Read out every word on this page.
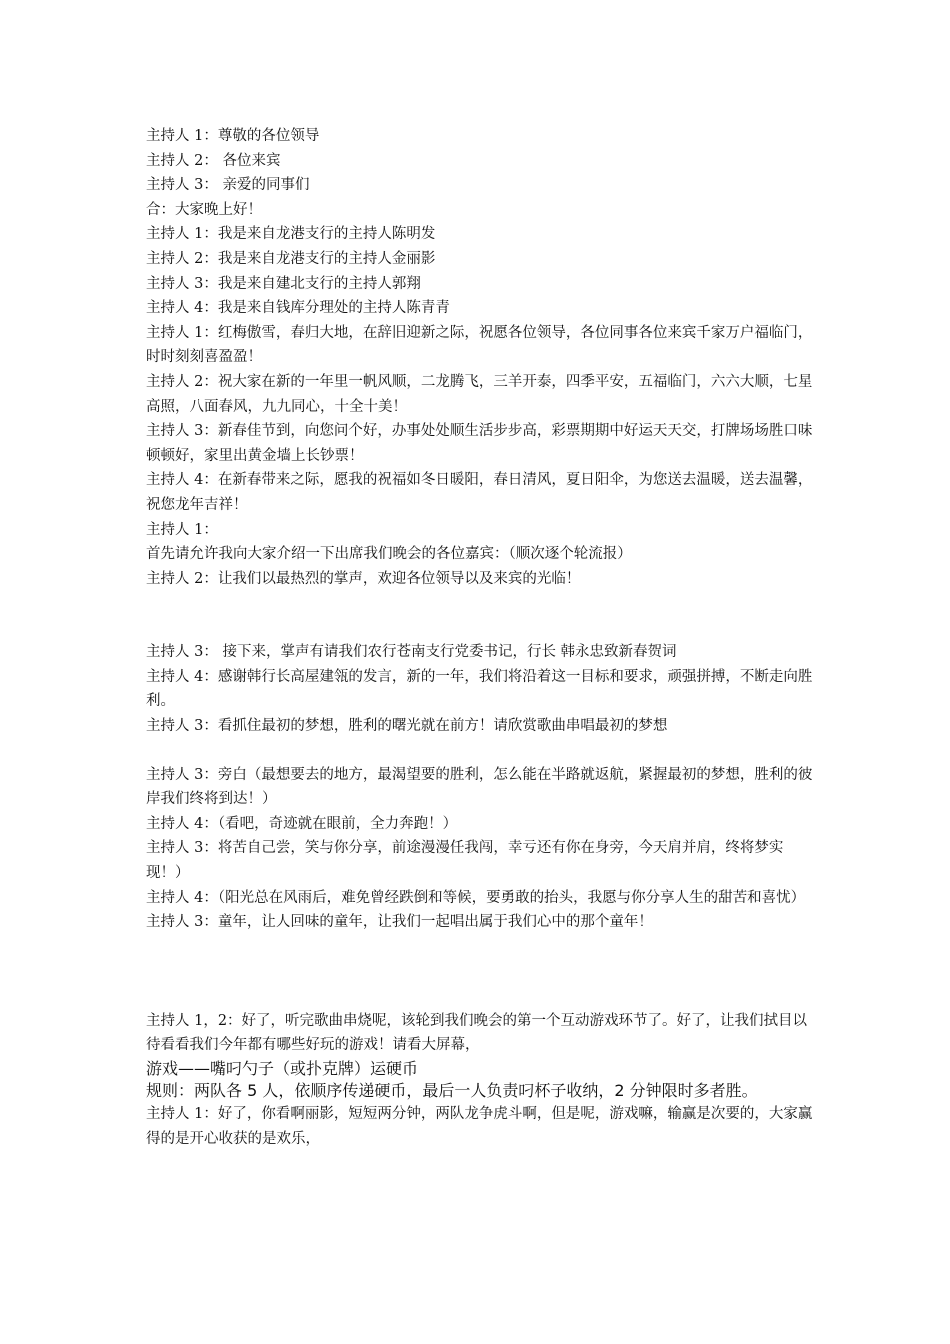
主持人 1：尊敬的各位领导

主持人 2： 各位来宾

主持人 3： 亲爱的同事们

合：大家晚上好！

主持人 1：我是来自龙港支行的主持人陈明发

主持人 2：我是来自龙港支行的主持人金丽影

主持人 3：我是来自建北支行的主持人郭翔

主持人 4：我是来自钱库分理处的主持人陈青青

主持人 1：红梅傲雪，春归大地，在辞旧迎新之际，祝愿各位领导，各位同事各位来宾千家万户福临门，时时刻刻喜盈盈！

主持人 2：祝大家在新的一年里一帆风顺，二龙腾飞，三羊开泰，四季平安，五福临门，六六大顺，七星高照，八面春风，九九同心，十全十美！

主持人 3：新春佳节到，向您问个好，办事处处顺生活步步高，彩票期期中好运天天交，打牌场场胜口味顿顿好，家里出黄金墙上长钞票！

主持人 4：在新春带来之际，愿我的祝福如冬日暖阳，春日清风，夏日阳伞，为您送去温暖，送去温馨，祝您龙年吉祥！

主持人 1：

首先请允许我向大家介绍一下出席我们晚会的各位嘉宾：（顺次逐个轮流报）

主持人 2：让我们以最热烈的掌声，欢迎各位领导以及来宾的光临！

主持人 3： 接下来，掌声有请我们农行苍南支行党委书记，行长 韩永忠致新春贺词

主持人 4：感谢韩行长高屋建瓴的发言，新的一年，我们将沿着这一目标和要求，顽强拼搏，不断走向胜利。

主持人 3：看抓住最初的梦想，胜利的曙光就在前方！请欣赏歌曲串唱最初的梦想

主持人 3：旁白（最想要去的地方，最渴望要的胜利，怎么能在半路就返航，紧握最初的梦想，胜利的彼岸我们终将到达！）

主持人 4：（看吧，奇迹就在眼前，全力奔跑！）

主持人 3：将苦自己尝，笑与你分享，前途漫漫任我闯，幸亏还有你在身旁，今天肩并肩，终将梦实现！）

主持人 4：（阳光总在风雨后，难免曾经跌倒和等候，要勇敢的抬头，我愿与你分享人生的甜苦和喜忧）

主持人 3：童年，让人回味的童年，让我们一起唱出属于我们心中的那个童年！

主持人 1，2：好了，听完歌曲串烧呢，该轮到我们晚会的第一个互动游戏环节了。好了，让我们拭目以待看看我们今年都有哪些好玩的游戏！请看大屏幕，

游戏——嘴叼勺子（或扑克牌）运硬币

规则：两队各 5 人，依顺序传递硬币，最后一人负责叼杯子收纳，2 分钟限时多者胜。

主持人 1：好了，你看啊丽影，短短两分钟，两队龙争虎斗啊，但是呢，游戏嘛，输赢是次要的，大家赢得的是开心收获的是欢乐，
